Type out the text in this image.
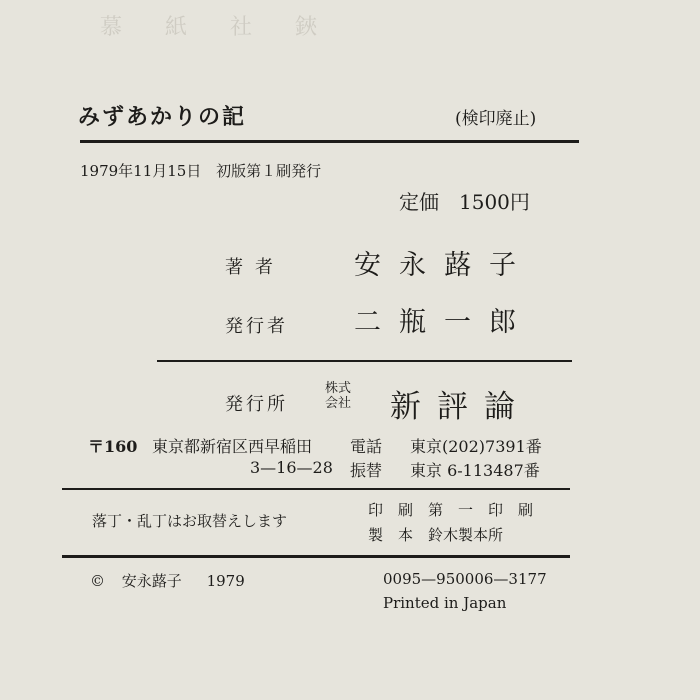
慕 紙 社 鋏
みずあかりの記	(検印廃止)
1979年11月15日 初版第１刷発行
定価　1500円
著者	安永蕗子
発行者 二瓶一郎
発行所
株式
会社 新評論
〒160 東京都新宿区西早稲田 電話 東京(202)7391番
3—16—28 振替 東京 6-113487番
落丁・乱丁はお取替えします
印　刷　第　一　印　刷
製　本　鈴木製本所
© 安永蕗子 1979	0095—950006—3177
Printed in Japan
